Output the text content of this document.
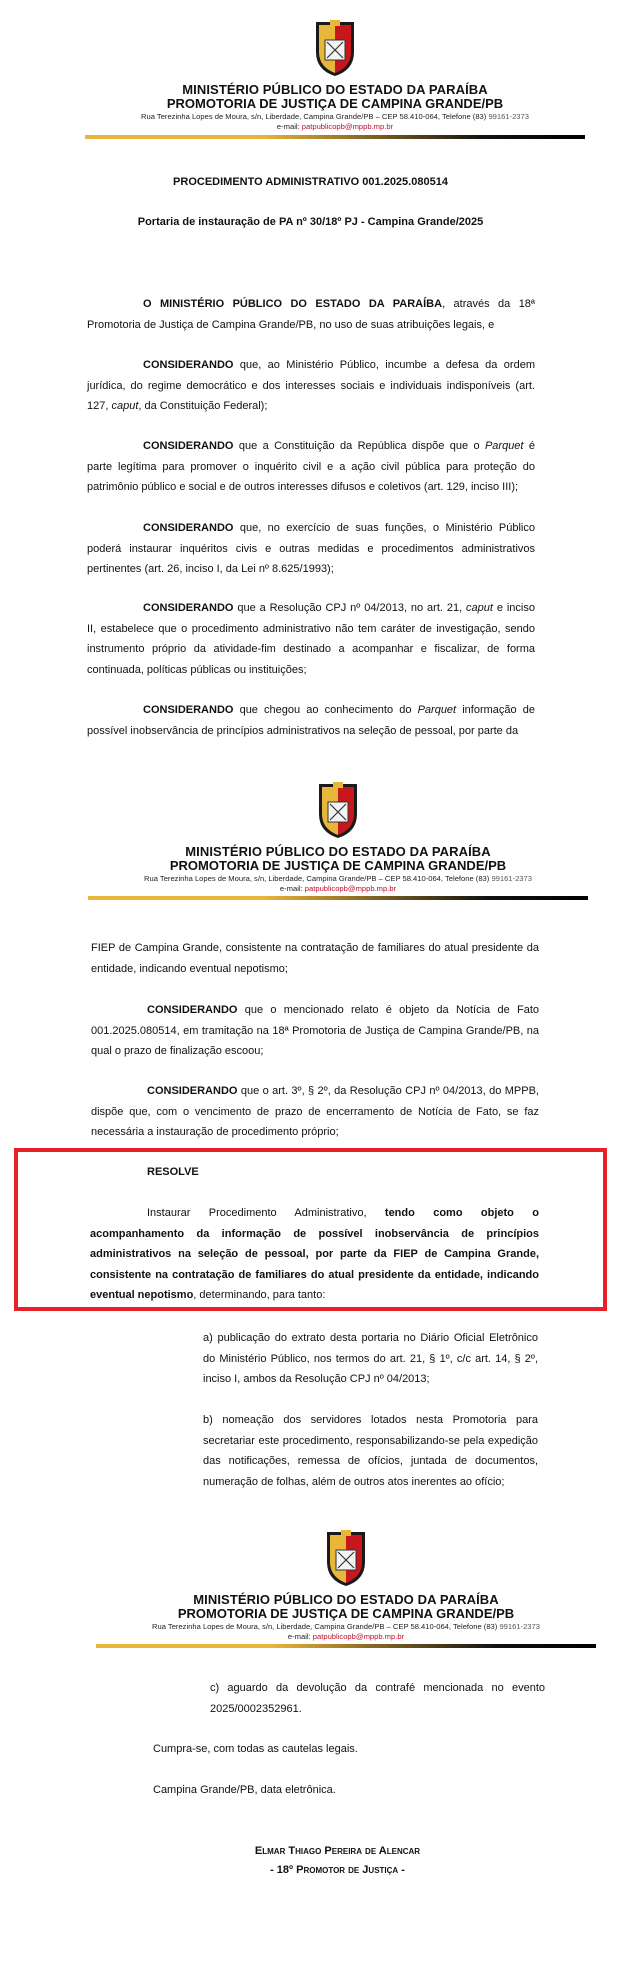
MINISTÉRIO PÚBLICO DO ESTADO DA PARAÍBA
PROMOTORIA DE JUSTIÇA DE CAMPINA GRANDE/PB
Rua Terezinha Lopes de Moura, s/n, Liberdade, Campina Grande/PB – CEP 58.410-064, Telefone (83) 99161-2373
e-mail: patpublicopb@mppb.mp.br
PROCEDIMENTO ADMINISTRATIVO 001.2025.080514
Portaria de instauração de PA nº 30/18º PJ - Campina Grande/2025
O MINISTÉRIO PÚBLICO DO ESTADO DA PARAÍBA, através da 18ª Promotoria de Justiça de Campina Grande/PB, no uso de suas atribuições legais, e
CONSIDERANDO que, ao Ministério Público, incumbe a defesa da ordem jurídica, do regime democrático e dos interesses sociais e individuais indisponíveis (art. 127, caput, da Constituição Federal);
CONSIDERANDO que a Constituição da República dispõe que o Parquet é parte legítima para promover o inquérito civil e a ação civil pública para proteção do patrimônio público e social e de outros interesses difusos e coletivos (art. 129, inciso III);
CONSIDERANDO que, no exercício de suas funções, o Ministério Público poderá instaurar inquéritos civis e outras medidas e procedimentos administrativos pertinentes (art. 26, inciso I, da Lei nº 8.625/1993);
CONSIDERANDO que a Resolução CPJ nº 04/2013, no art. 21, caput e inciso II, estabelece que o procedimento administrativo não tem caráter de investigação, sendo instrumento próprio da atividade-fim destinado a acompanhar e fiscalizar, de forma continuada, políticas públicas ou instituições;
CONSIDERANDO que chegou ao conhecimento do Parquet informação de possível inobservância de princípios administrativos na seleção de pessoal, por parte da
MINISTÉRIO PÚBLICO DO ESTADO DA PARAÍBA
PROMOTORIA DE JUSTIÇA DE CAMPINA GRANDE/PB
Rua Terezinha Lopes de Moura, s/n, Liberdade, Campina Grande/PB – CEP 58.410-064, Telefone (83) 99161-2373
e-mail: patpublicopb@mppb.mp.br
FIEP de Campina Grande, consistente na contratação de familiares do atual presidente da entidade, indicando eventual nepotismo;
CONSIDERANDO que o mencionado relato é objeto da Notícia de Fato 001.2025.080514, em tramitação na 18ª Promotoria de Justiça de Campina Grande/PB, na qual o prazo de finalização escoou;
CONSIDERANDO que o art. 3º, § 2º, da Resolução CPJ nº 04/2013, do MPPB, dispõe que, com o vencimento de prazo de encerramento de Notícia de Fato, se faz necessária a instauração de procedimento próprio;
RESOLVE
Instaurar Procedimento Administrativo, tendo como objeto o acompanhamento da informação de possível inobservância de princípios administrativos na seleção de pessoal, por parte da FIEP de Campina Grande, consistente na contratação de familiares do atual presidente da entidade, indicando eventual nepotismo, determinando, para tanto:
a) publicação do extrato desta portaria no Diário Oficial Eletrônico do Ministério Público, nos termos do art. 21, § 1º, c/c art. 14, § 2º, inciso I, ambos da Resolução CPJ nº 04/2013;
b) nomeação dos servidores lotados nesta Promotoria para secretariar este procedimento, responsabilizando-se pela expedição das notificações, remessa de ofícios, juntada de documentos, numeração de folhas, além de outros atos inerentes ao ofício;
MINISTÉRIO PÚBLICO DO ESTADO DA PARAÍBA
PROMOTORIA DE JUSTIÇA DE CAMPINA GRANDE/PB
Rua Terezinha Lopes de Moura, s/n, Liberdade, Campina Grande/PB – CEP 58.410-064, Telefone (83) 99161-2373
e-mail: patpublicopb@mppb.mp.br
c) aguardo da devolução da contrafé mencionada no evento 2025/0002352961.
Cumpra-se, com todas as cautelas legais.
Campina Grande/PB, data eletrônica.
Elmar Thiago Pereira de Alencar
- 18º Promotor de Justiça -
